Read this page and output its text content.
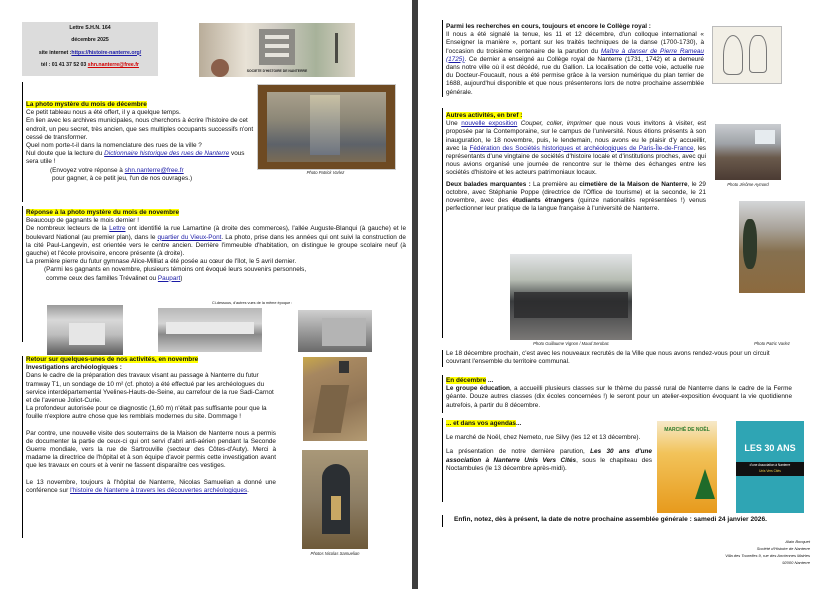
Lettre S.H.N. 164
décembre 2025
site internet :https://histoire-nanterre.org/
tél : 01 41 37 52 03 shn.nanterre@free.fr
SOCIETE D'HISTOIRE DE NANTERRE
La photo mystère du mois de décembre
Ce petit tableau nous a été offert, il y a quelque temps.
En lien avec les archives municipales, nous cherchons à écrire l'histoire de cet endroit, un peu secret, très ancien, que ses multiples occupants successifs n'ont cessé de transformer.
Quel nom porte-t-il dans la nomenclature des rues de la ville ?
Nul doute que la lecture du Dictionnaire historique des rues de Nanterre vous sera utile !
(Envoyez votre réponse à shn.nanterre@free.fr
pour gagner, à ce petit jeu, l'un de nos ouvrages.)
Photo Patrick Varlez
Réponse à la photo mystère du mois de novembre
Beaucoup de gagnants le mois dernier !
De nombreux lecteurs de la Lettre ont identifié la rue Lamartine (à droite des commerces), l'allée Auguste-Blanqui (à gauche) et le boulevard National (au premier plan), dans le quartier du Vieux-Pont. La photo, prise dans les années qui ont suivi la construction de la cité Paul-Langevin, est orientée vers le centre ancien. Derrière l'immeuble d'habitation, on distingue le groupe scolaire neuf (à gauche) et l'école provisoire, encore présente (à droite).
La première pierre du futur gymnase Alice-Milliat a été posée au cœur de l'îlot, le 5 avril dernier.
(Parmi les gagnants en novembre, plusieurs témoins ont évoqué leurs souvenirs personnels,
comme ceux des familles Trévalinet ou Paupart)
Ci-dessous, d'autres vues de la même époque :
Retour sur quelques-unes de nos activités, en novembre
Investigations archéologiques :
Dans le cadre de la préparation des travaux visant au passage à Nanterre du futur tramway T1, un sondage de 10 m² (cf. photo) a été effectué par les archéologues du service interdépartemental Yvelines-Hauts-de-Seine, au carrefour de la rue Sadi-Carnot et de l'avenue Joliot-Curie.
La profondeur autorisée pour ce diagnostic (1,60 m) n'était pas suffisante pour que la fouille n'explore autre chose que les remblais modernes du site. Dommage !
Par contre, une nouvelle visite des souterrains de la Maison de Nanterre nous a permis de documenter la partie de ceux-ci qui ont servi d'abri anti-aérien pendant la Seconde Guerre mondiale, vers la rue de Sartrouville (secteur des Côtes-d'Auty). Merci à madame la directrice de l'hôpital et à son équipe d'avoir permis cette investigation avant que les travaux en cours et à venir ne fassent disparaître ces vestiges.
Le 13 novembre, toujours à l'hôpital de Nanterre, Nicolas Samuelian a donné une conférence sur l'histoire de Nanterre à travers les découvertes archéologiques.
Photos Nicolas Samuelian
Parmi les recherches en cours, toujours et encore le Collège royal :
Il nous a été signalé la tenue, les 11 et 12 décembre, d'un colloque international « Enseigner la manière », portant sur les traités techniques de la danse (1700-1730), à l'occasion du troisième centenaire de la parution du Maître à danser de Pierre Rameau (1725). Ce dernier a enseigné au Collège royal de Nanterre (1731, 1742) et a demeuré dans notre ville où il est décédé, rue du Gallion. La localisation de cette voie, actuelle rue du Docteur-Foucault, nous a été permise grâce à la version numérique du plan terrier de 1688, aujourd'hui disponible et que nous présenterons lors de notre prochaine assemblée générale.
Autres activités, en bref :
Une nouvelle exposition Couper, coller, imprimer que nous vous invitons à visiter, est proposée par la Contemporaine, sur le campus de l'université. Nous étions présents à son inauguration, le 18 novembre, puis, le lendemain, nous avons eu le plaisir d'y accueillir, avec la Fédération des Sociétés historiques et archéologiques de Paris-Île-de-France, les représentants d'une vingtaine de sociétés d'histoire locale et d'institutions proches, avec qui nous avions organisé une journée de rencontre sur le thème des échanges entre les sociétés d'histoire et les acteurs patrimoniaux locaux.
Deux balades marquantes : La première au cimetière de la Maison de Nanterre, le 29 octobre, avec Stéphanie Poppe (directrice de l'Office de tourisme) et la seconde, le 21 novembre, avec des étudiants étrangers (quinze nationalités représentées !) venus perfectionner leur pratique de la langue française à l'université de Nanterre.
Photo Jérôme Aymard
Photo Guillaume Vignon / Maud Serobac	Photo Patric Varlez
Le 18 décembre prochain, c'est avec les nouveaux recrutés de la Ville que nous avons rendez-vous pour un circuit couvrant l'ensemble du territoire communal.
En décembre ...
Le groupe éducation, a accueilli plusieurs classes sur le thème du passé rural de Nanterre dans le cadre de la Ferme géante. Douze autres classes (dix écoles concernées !) le seront pour un atelier-exposition évoquant la vie quotidienne autrefois, à partir du 8 décembre.
... et dans vos agendas...
Le marché de Noël, chez Nemeto, rue Silvy (les 12 et 13 décembre).
La présentation de notre dernière parution, Les 30 ans d'une association à Nanterre Unis Vers Cités, sous le chapiteau des Noctambules (le 13 décembre après-midi).
MARCHÉ DE NOËL
LES 30 ANS
d'une Association à Nanterre
Unis Vers Cités
Enfin, notez, dès à présent, la date de notre prochaine assemblée générale : samedi 24 janvier 2026.
Alain Bocquet
Société d'Histoire de Nanterre
Villa des Tourelles 9, rue des Anciennes Mairies
92000 Nanterre
